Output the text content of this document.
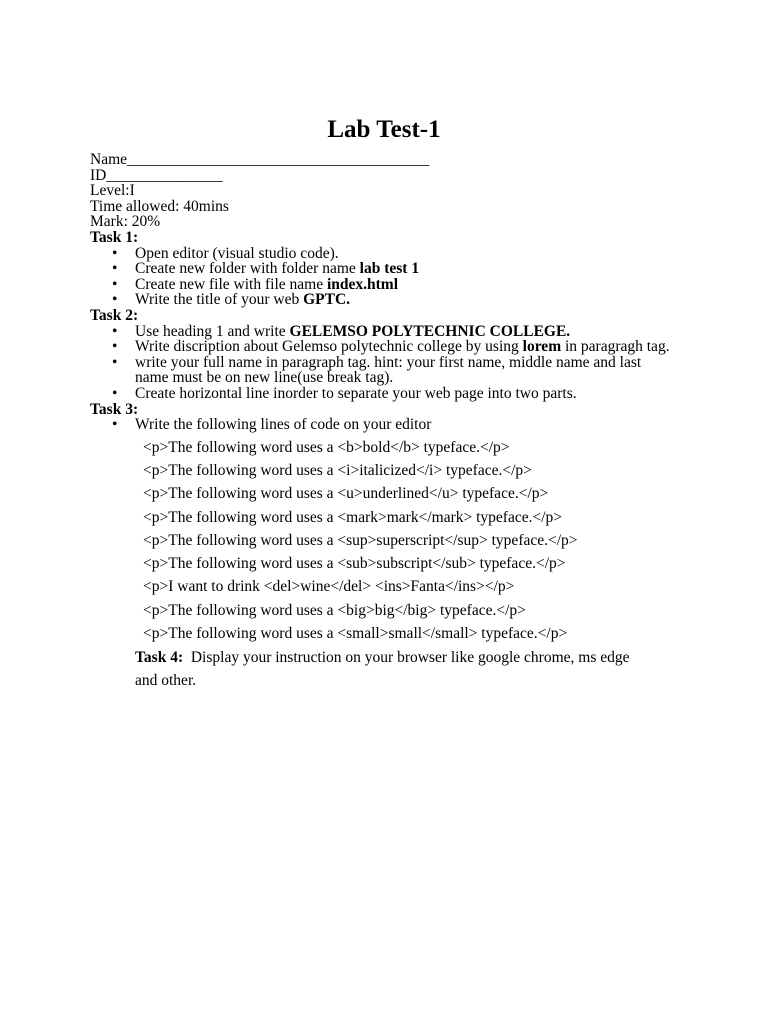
Lab Test-1

Name_______________________________________

ID_______________

Level:I

Time allowed: 40mins

Mark: 20%

Task 1:

• Open editor (visual studio code).
• Create new folder with folder name lab test 1
• Create new file with file name index.html
• Write the title of your web GPTC.

Task 2:

• Use heading 1 and write GELEMSO POLYTECHNIC COLLEGE.
• Write discription about Gelemso polytechnic college by using lorem in paragragh tag.
• write your full name in paragraph tag. hint: your first name, middle name and last name must be on new line(use break tag).
• Create horizontal line inorder to separate your web page into two parts.

Task 3:

• Write the following lines of code on your editor

<p>The following word uses a <b>bold</b> typeface.</p>

<p>The following word uses a <i>italicized</i> typeface.</p>

<p>The following word uses a <u>underlined</u> typeface.</p>

<p>The following word uses a <mark>mark</mark> typeface.</p>

<p>The following word uses a <sup>superscript</sup> typeface.</p>

<p>The following word uses a <sub>subscript</sub> typeface.</p>

<p>I want to drink <del>wine</del> <ins>Fanta</ins></p>

<p>The following word uses a <big>big</big> typeface.</p>

<p>The following word uses a <small>small</small> typeface.</p>

Task 4: Display your instruction on your browser like google chrome, ms edge and other.
